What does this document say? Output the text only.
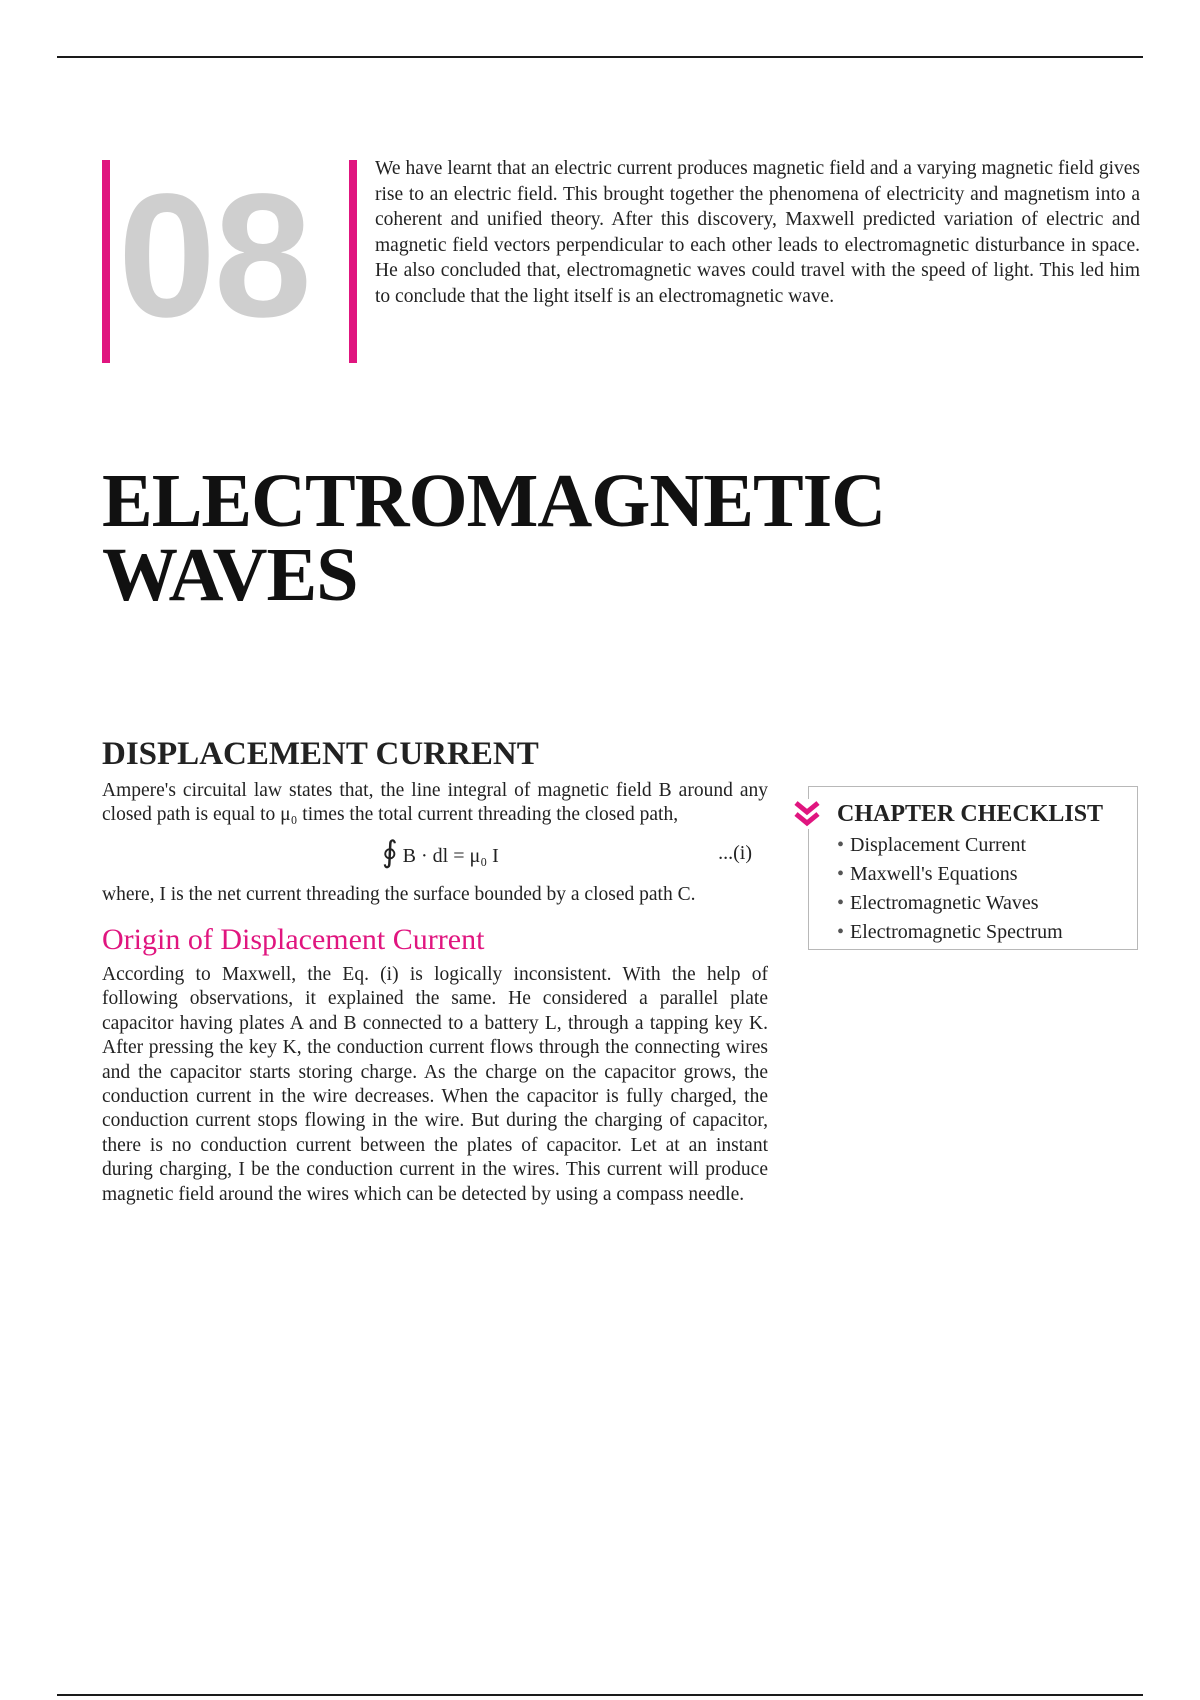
08	We have learnt that an electric current produces magnetic field and a varying magnetic field gives rise to an electric field. This brought together the phenomena of electricity and magnetism into a coherent and unified theory. After this discovery, Maxwell predicted variation of electric and magnetic field vectors perpendicular to each other leads to electromagnetic disturbance in space. He also concluded that, electromagnetic waves could travel with the speed of light. This led him to conclude that the light itself is an electromagnetic wave.

ELECTROMAGNETIC
WAVES
DISPLACEMENT CURRENT

Ampere's circuital law states that, the line integral of magnetic field B around any closed path is equal to μ₀ times the total current threading the closed path,

∮ B · dl = μ₀ I	...(i)

where, I is the net current threading the surface bounded by a closed path C.

Origin of Displacement Current

According to Maxwell, the Eq. (i) is logically inconsistent. With the help of following observations, it explained the same. He considered a parallel plate capacitor having plates A and B connected to a battery L, through a tapping key K. After pressing the key K, the conduction current flows through the connecting wires and the capacitor starts storing charge. As the charge on the capacitor grows, the conduction current in the wire decreases. When the capacitor is fully charged, the conduction current stops flowing in the wire. But during the charging of capacitor, there is no conduction current between the plates of capacitor. Let at an instant during charging, I be the conduction current in the wires. This current will produce magnetic field around the wires which can be detected by using a compass needle.

CHAPTER CHECKLIST
• Displacement Current
• Maxwell's Equations
• Electromagnetic Waves
• Electromagnetic Spectrum
